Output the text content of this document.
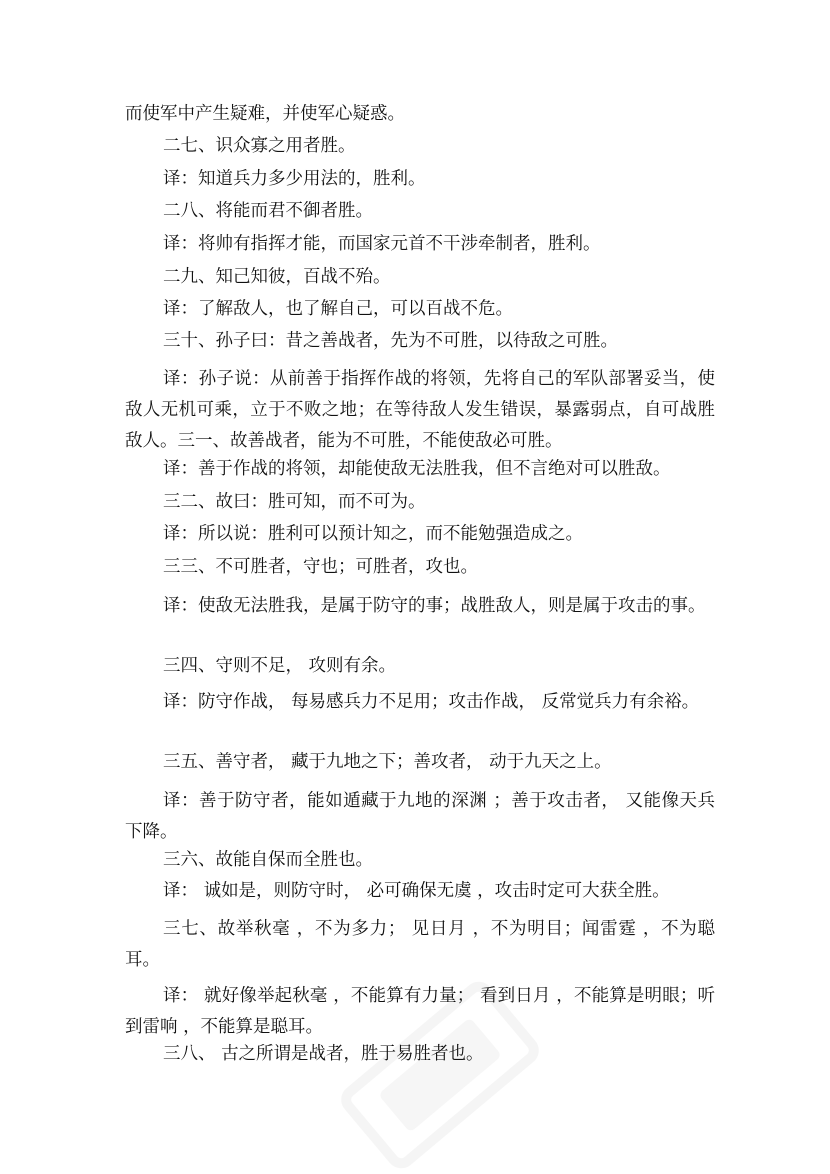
而使军中产生疑难，并使军心疑惑。
二七、识众寡之用者胜。
译：知道兵力多少用法的，胜利。
二八、将能而君不御者胜。
译：将帅有指挥才能，而国家元首不干涉牵制者，胜利。
二九、知己知彼，百战不殆。
译：了解敌人，也了解自己，可以百战不危。
三十、孙子曰：昔之善战者，先为不可胜，以待敌之可胜。
译：孙子说：从前善于指挥作战的将领，先将自己的军队部署妥当，使敌人无机可乘，立于不败之地；在等待敌人发生错误，暴露弱点，自可战胜敌人。三一、故善战者，能为不可胜，不能使敌必可胜。
译：善于作战的将领，却能使敌无法胜我，但不言绝对可以胜敌。
三二、故曰：胜可知，而不可为。
译：所以说：胜利可以预计知之，而不能勉强造成之。
三三、不可胜者，守也；可胜者，攻也。
译：使敌无法胜我，是属于防守的事；战胜敌人，则是属于攻击的事。
三四、守则不足， 攻则有余。
译：防守作战， 每易感兵力不足用；攻击作战， 反常觉兵力有余裕。
三五、善守者， 藏于九地之下；善攻者， 动于九天之上。
译：善于防守者，能如遁藏于九地的深渊 ；善于攻击者， 又能像天兵下降。
三六、故能自保而全胜也。
译： 诚如是，则防守时， 必可确保无虞 ，攻击时定可大获全胜。
三七、故举秋毫 ，不为多力； 见日月 ，不为明目；闻雷霆 ，不为聪耳。
译： 就好像举起秋毫 ，不能算有力量； 看到日月 ，不能算是明眼；听到雷响 ，不能算是聪耳。
三八、 古之所谓是战者，胜于易胜者也。
